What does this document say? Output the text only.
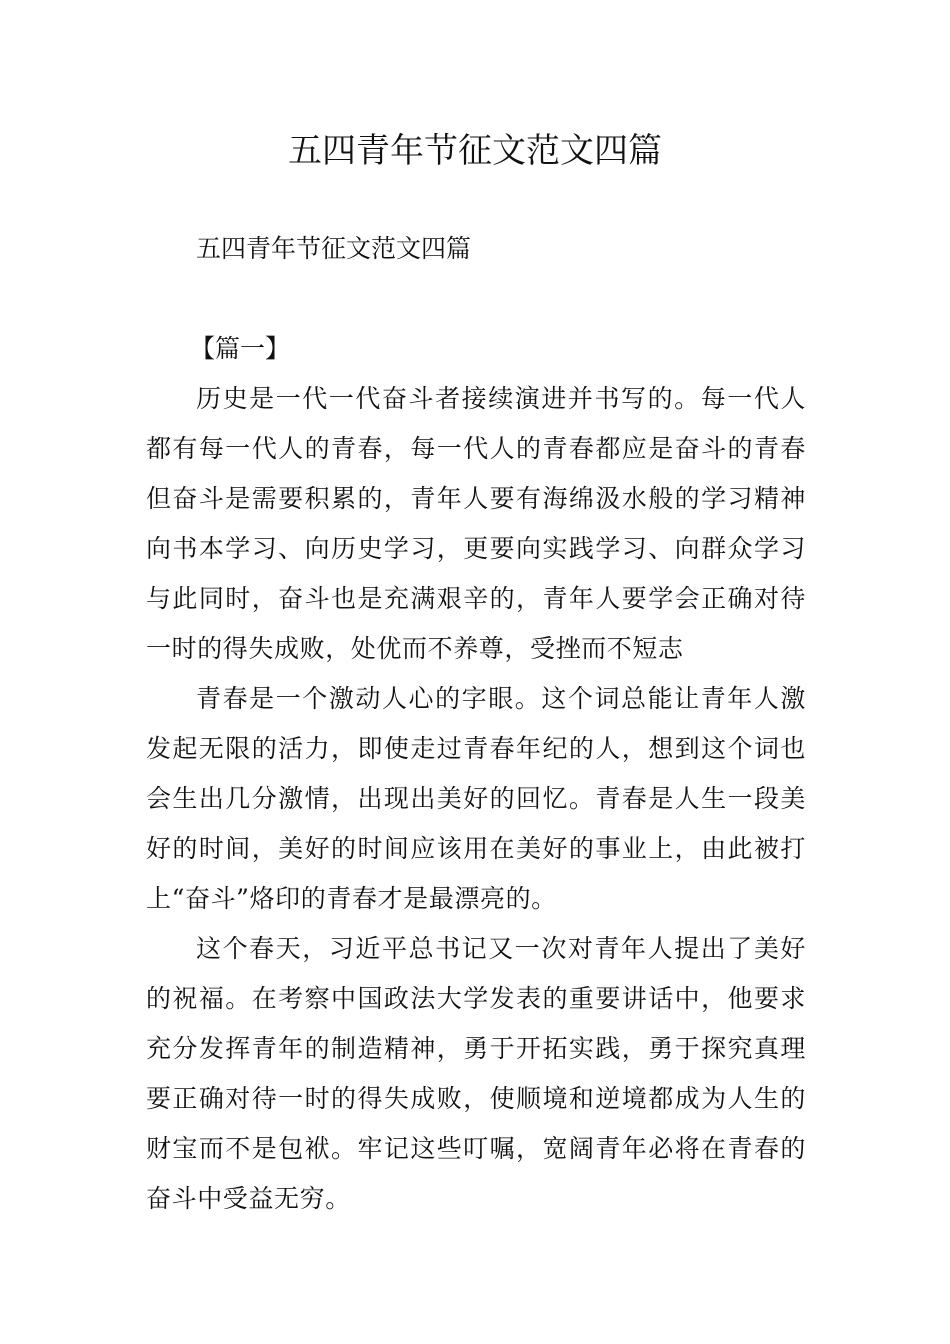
五四青年节征文范文四篇
五四青年节征文范文四篇
【篇一】

历史是一代一代奋斗者接续演进并书写的。每一代人都有每一代人的青春，每一代人的青春都应是奋斗的青春但奋斗是需要积累的，青年人要有海绵汲水般的学习精神向书本学习、向历史学习，更要向实践学习、向群众学习与此同时，奋斗也是充满艰辛的，青年人要学会正确对待一时的得失成败，处优而不养尊，受挫而不短志

青春是一个激动人心的字眼。这个词总能让青年人激发起无限的活力，即使走过青春年纪的人，想到这个词也会生出几分激情，出现出美好的回忆。青春是人生一段美好的时间，美好的时间应该用在美好的事业上，由此被打上“奋斗”烙印的青春才是最漂亮的。

这个春天，习近平总书记又一次对青年人提出了美好的祝福。在考察中国政法大学发表的重要讲话中，他要求充分发挥青年的制造精神，勇于开拓实践，勇于探究真理要正确对待一时的得失成败，使顺境和逆境都成为人生的财宝而不是包袱。牢记这些叮嘱，宽阔青年必将在青春的奋斗中受益无穷。
